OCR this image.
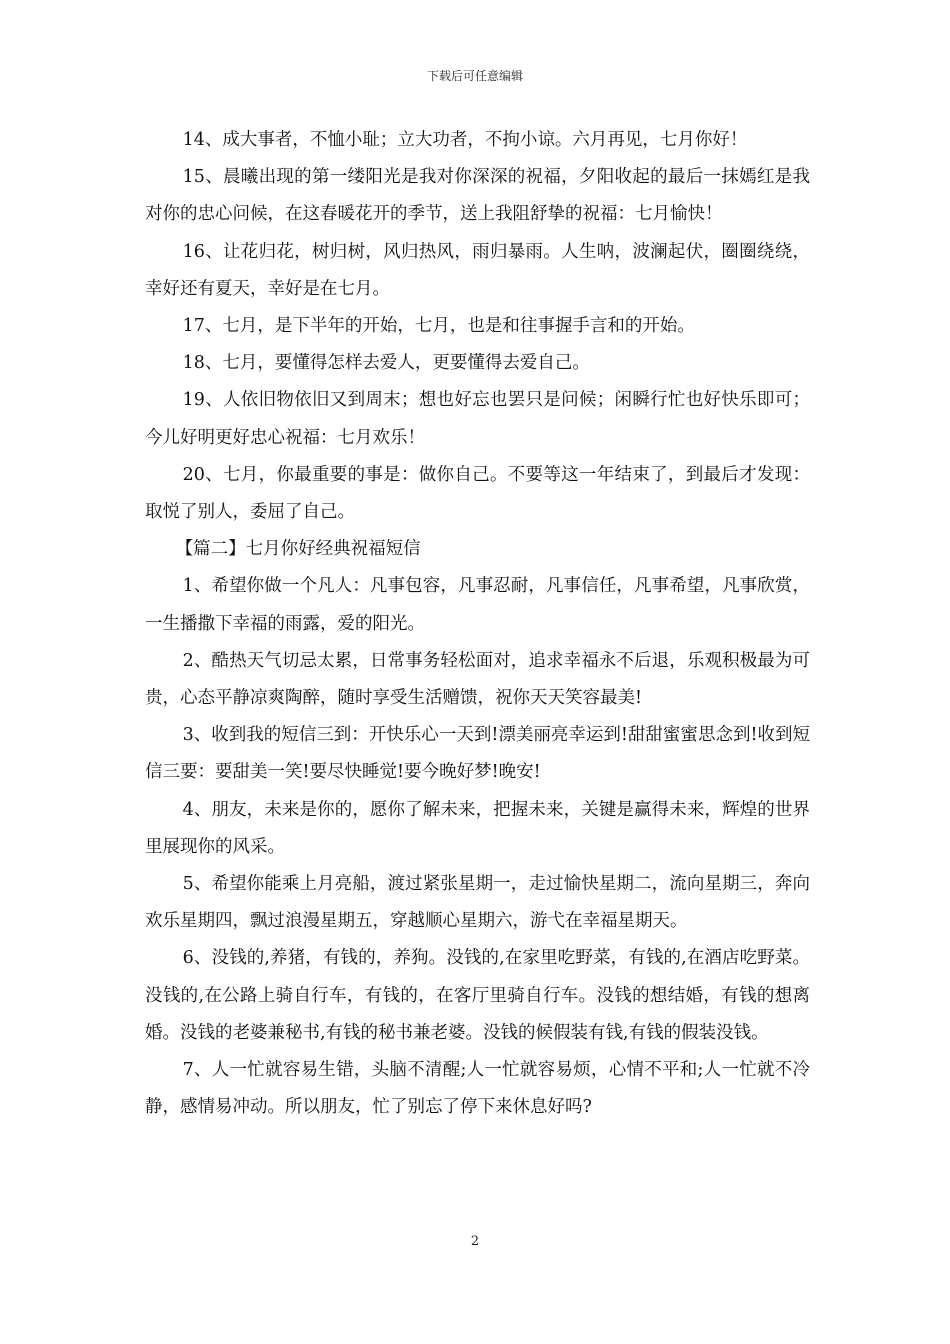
下载后可任意编辑

14、成大事者，不恤小耻；立大功者，不拘小谅。六月再见，七月你好！

15、晨曦出现的第一缕阳光是我对你深深的祝福，夕阳收起的最后一抹嫣红是我对你的忠心问候，在这春暖花开的季节，送上我阻舒挚的祝福：七月愉快！

16、让花归花，树归树，风归热风，雨归暴雨。人生呐，波澜起伏，圈圈绕绕，幸好还有夏天，幸好是在七月。

17、七月，是下半年的开始，七月，也是和往事握手言和的开始。

18、七月，要懂得怎样去爱人，更要懂得去爱自己。

19、人依旧物依旧又到周末；想也好忘也罢只是问候；闲瞬行忙也好快乐即可；今儿好明更好忠心祝福：七月欢乐！

20、七月，你最重要的事是：做你自己。不要等这一年结束了，到最后才发现：取悦了别人，委屈了自己。

【篇二】七月你好经典祝福短信

1、希望你做一个凡人：凡事包容，凡事忍耐，凡事信任，凡事希望，凡事欣赏，一生播撒下幸福的雨露，爱的阳光。

2、酷热天气切忌太累，日常事务轻松面对，追求幸福永不后退，乐观积极最为可贵，心态平静凉爽陶醉，随时享受生活赠馈，祝你天天笑容最美!

3、收到我的短信三到：开快乐心一天到!漂美丽亮幸运到!甜甜蜜蜜思念到!收到短信三要：要甜美一笑!要尽快睡觉!要今晚好梦!晚安!

4、朋友，未来是你的，愿你了解未来，把握未来，关键是赢得未来，辉煌的世界里展现你的风采。

5、希望你能乘上月亮船，渡过紧张星期一，走过愉快星期二，流向星期三，奔向欢乐星期四，飘过浪漫星期五，穿越顺心星期六，游弋在幸福星期天。

6、没钱的,养猪，有钱的，养狗。没钱的,在家里吃野菜，有钱的,在酒店吃野菜。没钱的,在公路上骑自行车，有钱的，在客厅里骑自行车。没钱的想结婚，有钱的想离婚。没钱的老婆兼秘书,有钱的秘书兼老婆。没钱的候假装有钱,有钱的假装没钱。

7、人一忙就容易生错，头脑不清醒;人一忙就容易烦，心情不平和;人一忙就不冷静，感情易冲动。所以朋友，忙了别忘了停下来休息好吗?

2
